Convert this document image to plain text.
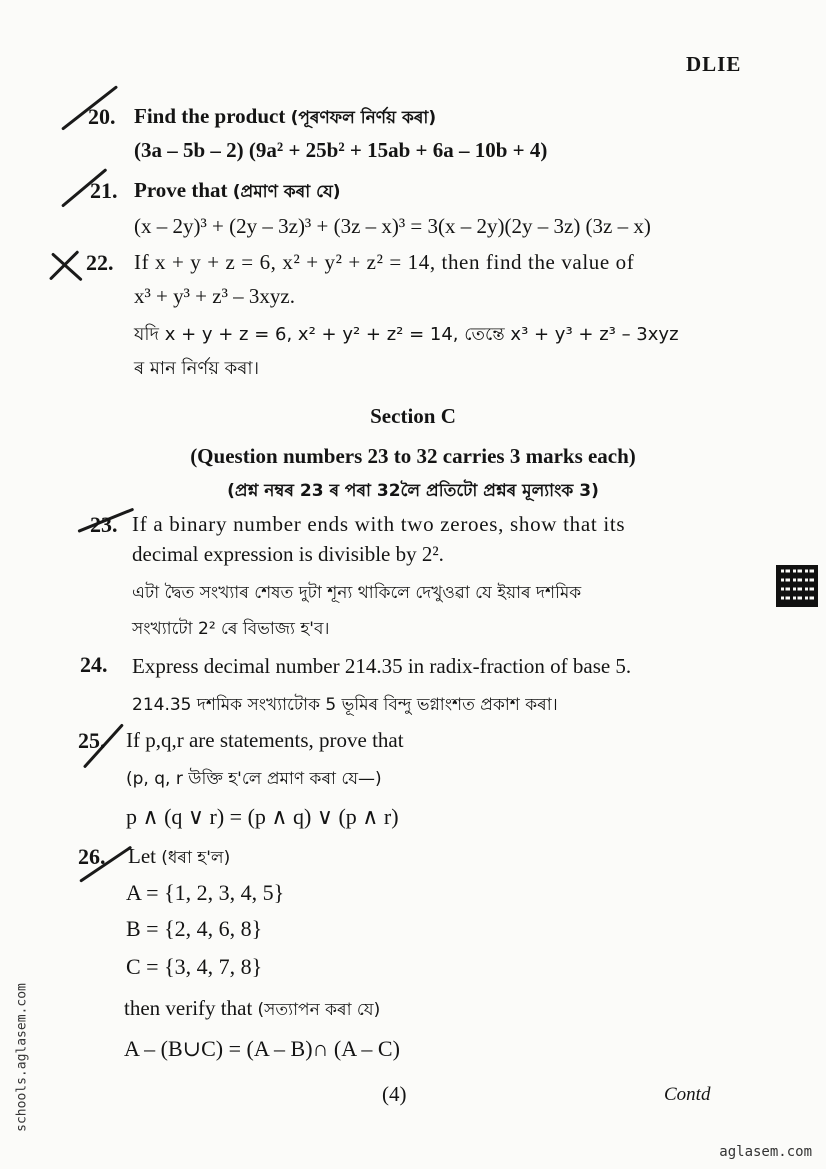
DLIE
20. Find the product (পূৰণফল নিৰ্ণয় কৰা)
(3a – 5b – 2) (9a² + 25b² + 15ab + 6a – 10b + 4)
21. Prove that (প্ৰমাণ কৰা যে)
(x – 2y)³ + (2y – 3z)³ + (3z – x)³ = 3(x – 2y)(2y – 3z) (3z – x)
22. If x + y + z = 6, x² + y² + z² = 14, then find the value of
x³ + y³ + z³ – 3xyz.
যদি x + y + z = 6, x² + y² + z² = 14, তেন্তে x³ + y³ + z³ – 3xyz
ৰ মান নিৰ্ণয় কৰা।
Section C
(Question numbers 23 to 32 carries 3 marks each)
(প্ৰশ্ন নম্বৰ 23 ৰ পৰা 32লৈ প্ৰতিটো প্ৰশ্নৰ মূল্যাংক 3)
23. If a binary number ends with two zeroes, show that its
decimal expression is divisible by 2².
এটা দ্বৈত সংখ্যাৰ শেষত দুটা শূন্য থাকিলে দেখুওৱা যে ইয়াৰ দশমিক
সংখ্যাটো 2² ৰে বিভাজ্য হ'ব।
24. Express decimal number 214.35 in radix-fraction of base 5.
214.35 দশমিক সংখ্যাটোক 5 ভূমিৰ বিন্দু ভগ্নাংশত প্ৰকাশ কৰা।
25. If p,q,r are statements, prove that
(p, q, r উক্তি হ'লে প্ৰমাণ কৰা যে—)
p ∧ (q ∨ r) = (p ∧ q) ∨ (p ∧ r)
26. Let (ধৰা হ'ল)
A = {1, 2, 3, 4, 5}
B = {2, 4, 6, 8}
C = {3, 4, 7, 8}
then verify that (সত্যাপন কৰা যে)
A – (B∪C) = (A – B)∩ (A – C)
(4)	Contd
schools.aglasem.com
aglasem.com
